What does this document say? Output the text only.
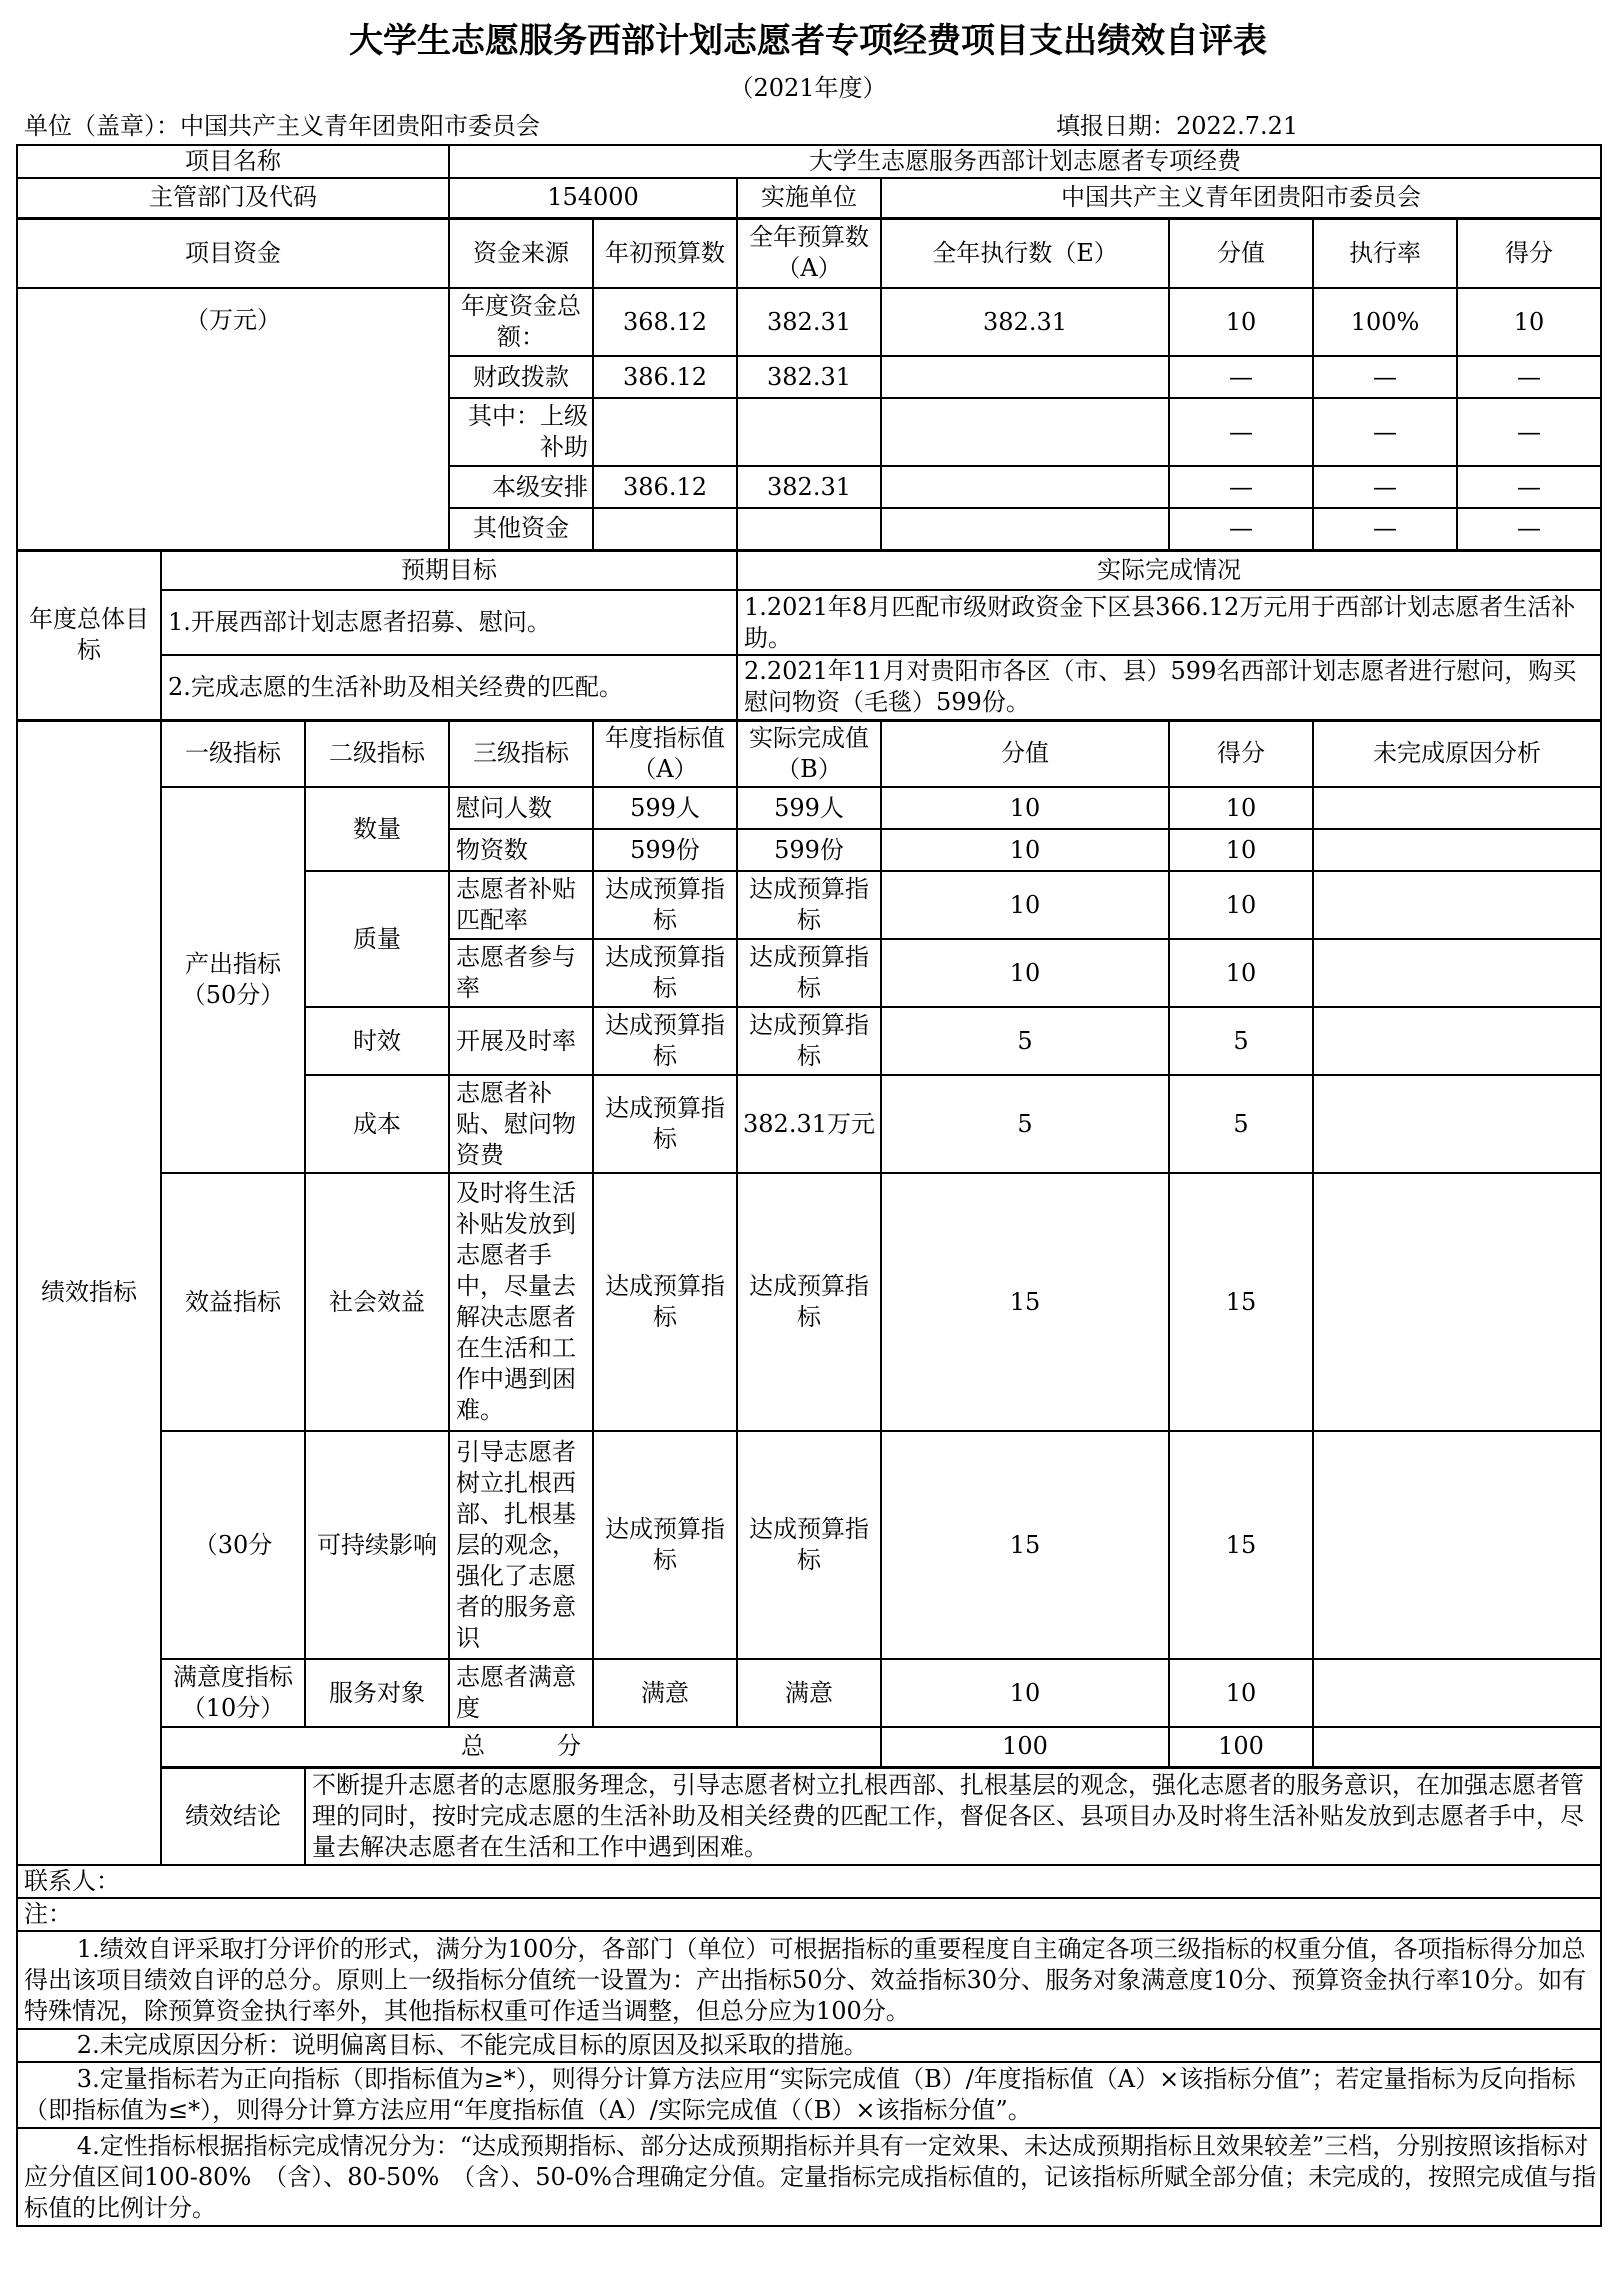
大学生志愿服务西部计划志愿者专项经费项目支出绩效自评表
（2021年度）
单位（盖章）：中国共产主义青年团贵阳市委员会	填报日期：2022.7.21
项目名称			大学生志愿服务西部计划志愿者专项经费						
主管部门及代码			154000		实施单位	中国共产主义青年团贵阳市委员会			
项目资金			资金来源	年初预算数	全年预算数（A）	全年执行数（E）	分值	执行率	得分
（万元）			年度资金总额：	368.12	382.31	382.31	10	100%	10
			财政拨款	386.12	382.31		—	—	—
			其中：上级补助				—	—	—
			本级安排	386.12	382.31		—	—	—
			其他资金				—	—	—
年度总体目标	预期目标				实际完成情况				
	1.开展西部计划志愿者招募、慰问。				1.2021年8月匹配市级财政资金下区县366.12万元用于西部计划志愿者生活补助。				
	2.完成志愿的生活补助及相关经费的匹配。				2.2021年11月对贵阳市各区（市、县）599名西部计划志愿者进行慰问，购买慰问物资（毛毯）599份。				
绩效指标	一级指标	二级指标	三级指标	年度指标值（A）	实际完成值（B）	分值	得分	未完成原因分析	
	产出指标（50分）	数量	慰问人数	599人	599人	10	10		
			物资数	599份	599份	10	10		
		质量	志愿者补贴匹配率	达成预算指标	达成预算指标	10	10		
			志愿者参与率	达成预算指标	达成预算指标	10	10		
		时效	开展及时率	达成预算指标	达成预算指标	5	5		
		成本	志愿者补贴、慰问物资费	达成预算指标	382.31万元	5	5		
	效益指标	社会效益	及时将生活补贴发放到志愿者手中，尽量去解决志愿者在生活和工作中遇到困难。	达成预算指标	达成预算指标	15	15		
	（30分	可持续影响	引导志愿者树立扎根西部、扎根基层的观念，强化了志愿者的服务意识	达成预算指标	达成预算指标	15	15		
	满意度指标（10分）	服务对象	志愿者满意度	满意	满意	10	10		
	总　　　分					100	100		
	绩效结论	不断提升志愿者的志愿服务理念，引导志愿者树立扎根西部、扎根基层的观念，强化志愿者的服务意识，在加强志愿者管理的同时，按时完成志愿的生活补助及相关经费的匹配工作，督促各区、县项目办及时将生活补贴发放到志愿者手中，尽量去解决志愿者在生活和工作中遇到困难。							
联系人：									
注：									
1.绩效自评采取打分评价的形式，满分为100分，各部门（单位）可根据指标的重要程度自主确定各项三级指标的权重分值，各项指标得分加总得出该项目绩效自评的总分。原则上一级指标分值统一设置为：产出指标50分、效益指标30分、服务对象满意度10分、预算资金执行率10分。如有特殊情况，除预算资金执行率外，其他指标权重可作适当调整，但总分应为100分。									
2.未完成原因分析：说明偏离目标、不能完成目标的原因及拟采取的措施。									
3.定量指标若为正向指标（即指标值为≥*），则得分计算方法应用“实际完成值（B）/年度指标值（A）×该指标分值”；若定量指标为反向指标（即指标值为≤*），则得分计算方法应用“年度指标值（A）/实际完成值（（B）×该指标分值”。									
4.定性指标根据指标完成情况分为：“达成预期指标、部分达成预期指标并具有一定效果、未达成预期指标且效果较差”三档，分别按照该指标对应分值区间100-80%　（含）、80-50%　（含）、50-0%合理确定分值。定量指标完成指标值的，记该指标所赋全部分值；未完成的，按照完成值与指标值的比例计分。									
